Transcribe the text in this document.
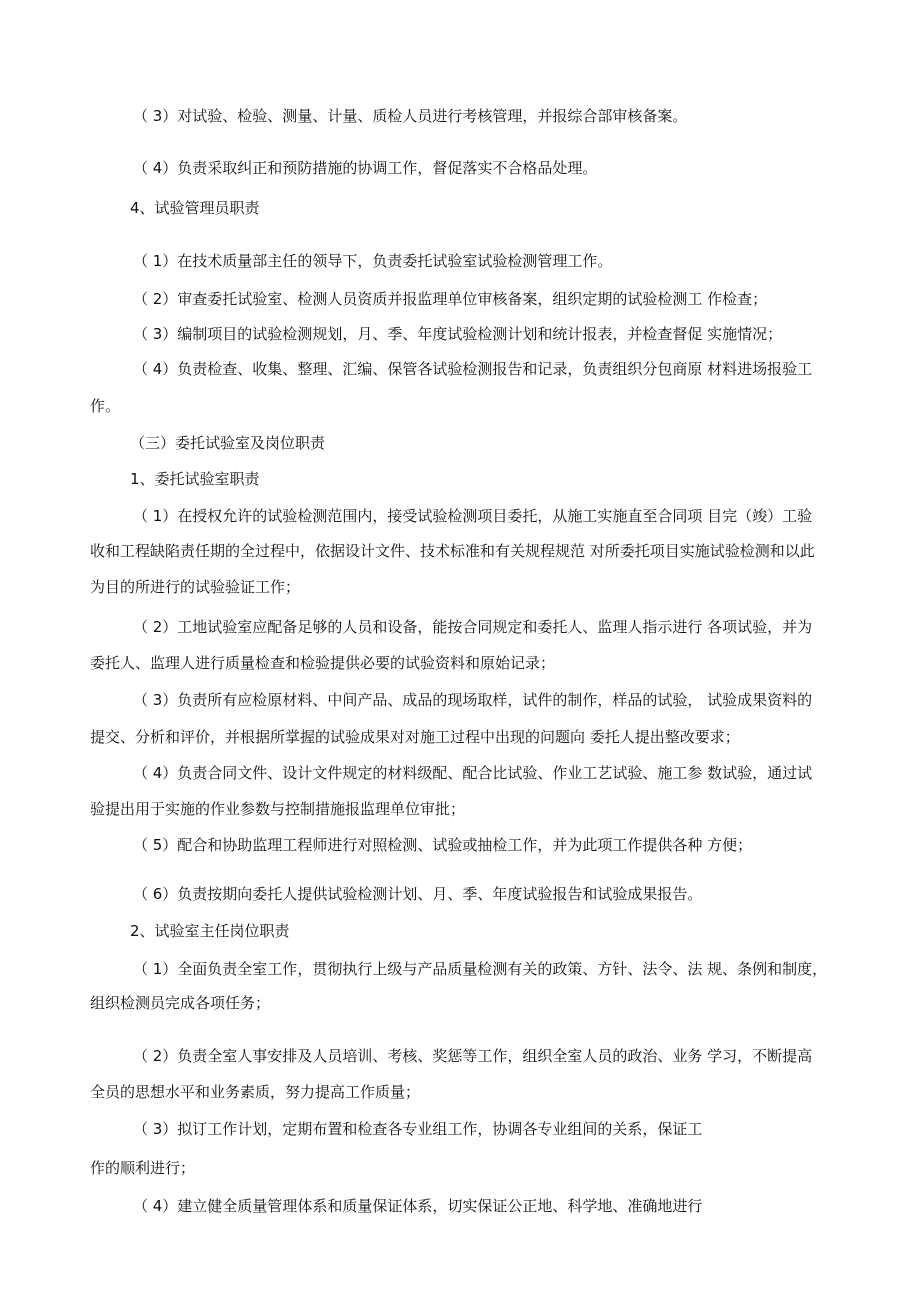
（ 3）对试验、检验、测量、计量、质检人员进行考核管理，并报综合部审核备案。
（ 4）负责采取纠正和预防措施的协调工作，督促落实不合格品处理。
4、试验管理员职责
（ 1）在技术质量部主任的领导下，负责委托试验室试验检测管理工作。
（ 2）审查委托试验室、检测人员资质并报监理单位审核备案，组织定期的试验检测工 作检查；
（ 3）编制项目的试验检测规划，月、季、年度试验检测计划和统计报表，并检查督促 实施情况；
（ 4）负责检查、收集、整理、汇编、保管各试验检测报告和记录，负责组织分包商原 材料进场报验工
作。
（三）委托试验室及岗位职责
1、委托试验室职责
（ 1）在授权允许的试验检测范围内，接受试验检测项目委托，从施工实施直至合同项 目完（竣）工验
收和工程缺陷责任期的全过程中，依据设计文件、技术标准和有关规程规范 对所委托项目实施试验检测和以此
为目的所进行的试验验证工作；
（ 2）工地试验室应配备足够的人员和设备，能按合同规定和委托人、监理人指示进行 各项试验，并为
委托人、监理人进行质量检查和检验提供必要的试验资料和原始记录；
（ 3）负责所有应检原材料、中间产品、成品的现场取样，试件的制作，样品的试验， 试验成果资料的
提交、分析和评价，并根据所掌握的试验成果对对施工过程中出现的问题向 委托人提出整改要求；
（ 4）负责合同文件、设计文件规定的材料级配、配合比试验、作业工艺试验、施工参 数试验，通过试
验提出用于实施的作业参数与控制措施报监理单位审批；
（ 5）配合和协助监理工程师进行对照检测、试验或抽检工作，并为此项工作提供各种 方便；
（ 6）负责按期向委托人提供试验检测计划、月、季、年度试验报告和试验成果报告。
2、试验室主任岗位职责
（ 1）全面负责全室工作，贯彻执行上级与产品质量检测有关的政策、方针、法令、法 规、条例和制度，
组织检测员完成各项任务；
（ 2）负责全室人事安排及人员培训、考核、奖惩等工作，组织全室人员的政治、业务 学习，不断提高
全员的思想水平和业务素质，努力提高工作质量；
（ 3）拟订工作计划，定期布置和检查各专业组工作，协调各专业组间的关系，保证工
作的顺利进行；
（ 4）建立健全质量管理体系和质量保证体系，切实保证公正地、科学地、准确地进行
